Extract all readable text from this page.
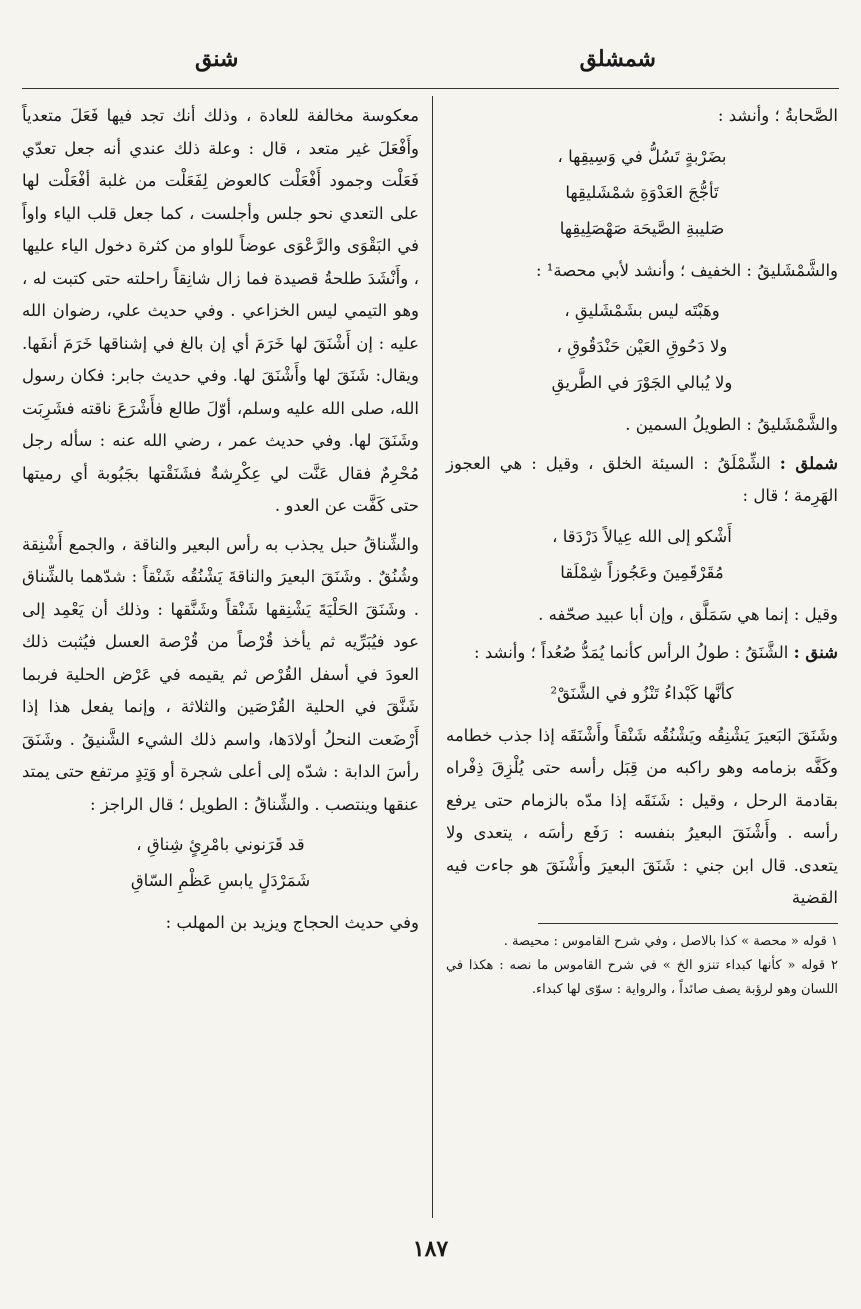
شمشلق
شنق

الصَّحابةُ ؛ وأنشد :

بضَرْبةٍ تَسُلُّ في وَسِيقِها ،
تَأجُّجَ العَدْوَةِ شمْشَليقِها
صَليبةِ الصَّيحَة صَهْصَلِيقِها

والشَّمْشَليقُ : الخفيف ؛ وأنشد لأبي محصة¹ :

وهَبْتَه ليس بشَمْشَليقِ ،
ولا دَحُوقِ العَيْن حَنْدَقُوقِ ،
ولا يُبالي الجَوْرَ في الطَّريقِ

والشَّمْشَليقُ : الطويلُ السمين .

شملق : الشِّمْلَقُ : السيئة الخلق ، وقيل : هي العجوز الهَرِمة ؛ قال :

أَشْكو إلى الله عِيالاً دَرْدَقا ،
مُقَرْقَمِينَ وعَجُوزاً شِمْلَقا

وقيل : إنما هي سَمَلَّق ، وإن أبا عبيد صحّفه .

شنق : الشَّنَقُ : طولُ الرأس كأنما يُمَدُّ صُعُداً ؛ وأنشد :

كأنَّها كَبْداءُ تَنْزُو في الشَّنَقْ²

وشَنَقَ البَعيرَ يَشْنِقُه ويَشْنُقُه شَنْقاً وأَشْنَقَه إذا جذب خطامه وكَفَّه بزمامه وهو راكبه من قِبَل رأسه حتى يُلْزِقَ ذِفْراه بقادمة الرحل ، وقيل : شَنَقَه إذا مدّه بالزمام حتى يرفع رأسه . وأَشْنَقَ البعيرُ بنفسه : رَفَع رأسَه ، يتعدى ولا يتعدى. قال ابن جني : شَنَقَ البعيرَ وأَشْنَقَ هو جاءت فيه القضية

١ قوله « محصة » كذا بالاصل ، وفي شرح القاموس : محيصة .
٢ قوله « كأنها كبداء تنزو الخ » في شرح القاموس ما نصه : هكذا في اللسان وهو لرؤبة يصف صائداً ، والرواية : سوّى لها كبداء.

معكوسة مخالفة للعادة ، وذلك أنك تجد فيها فَعَلَ متعدياً وأَفْعَلَ غير متعد ، قال : وعلة ذلك عندي أنه جعل تعدّي فَعَلْت وجمود أَفْعَلْت كالعوض لِفَعَلْت من غلبة أفْعَلْت لها على التعدي نحو جلس وأجلست ، كما جعل قلب الياء واواً في البَقْوَى والرَّعْوَى عوضاً للواو من كثرة دخول الياء عليها ، وأَنْشَدَ طلحةُ قصيدة فما زال شانِقاً راحلته حتى كتبت له ، وهو التيمي ليس الخزاعي . وفي حديث علي، رضوان الله عليه : إن أَشْنَقَ لها خَرَمَ أي إن بالغ في إشناقها خَرَمَ أنفَها. ويقال: شَنَقَ لها وأَشْنَقَ لها. وفي حديث جابر: فكان رسول الله، صلى الله عليه وسلم، أوّلَ طالع فأَشْرَعَ ناقته فشَرِبَت وشَنَقَ لها. وفي حديث عمر ، رضي الله عنه : سأله رجل مُحْرِمٌ فقال عَنَّت لي عِكْرِشةٌ فشَنَقْتها بجَبُوبة أي رميتها حتى كَفَّت عن العدو .

والشِّناقُ حبل يجذب به رأس البعير والناقة ، والجمع أَشْنِقة وشُنُقٌ . وشَنَقَ البعيرَ والناقةَ يَشْنُقُه شَنْقاً : شدّهما بالشِّناق . وشَنَقَ الحَلْيَةَ يَشْنِقها شَنْقاً وشَنَّقها : وذلك أن يَعْمِد إلى عود فيُبَرِّيه ثم يأخذ قُرْصاً من قُرْصة العسل فيُثبت ذلك العودَ في أسفل القُرْص ثم يقيمه في عَرْض الحلية فربما شَنَّقَ في الحلية القُرْصَين والثلاثة ، وإنما يفعل هذا إذا أَرْضَعت النحلُ أولادَها، واسم ذلك الشيء الشَّنيقُ . وشَنَقَ رأسَ الدابة : شدّه إلى أعلى شجرة أو وَتِدٍ مرتفع حتى يمتد عنقها وينتصب . والشِّناقُ : الطويل ؛ قال الراجز :

قد قَرَنوني بامْرِئٍ شِناقِ ،
شَمَرْدَلٍ يابسِ عَظْمِ السّاقِ

وفي حديث الحجاج ويزيد بن المهلب :

١٨٧
